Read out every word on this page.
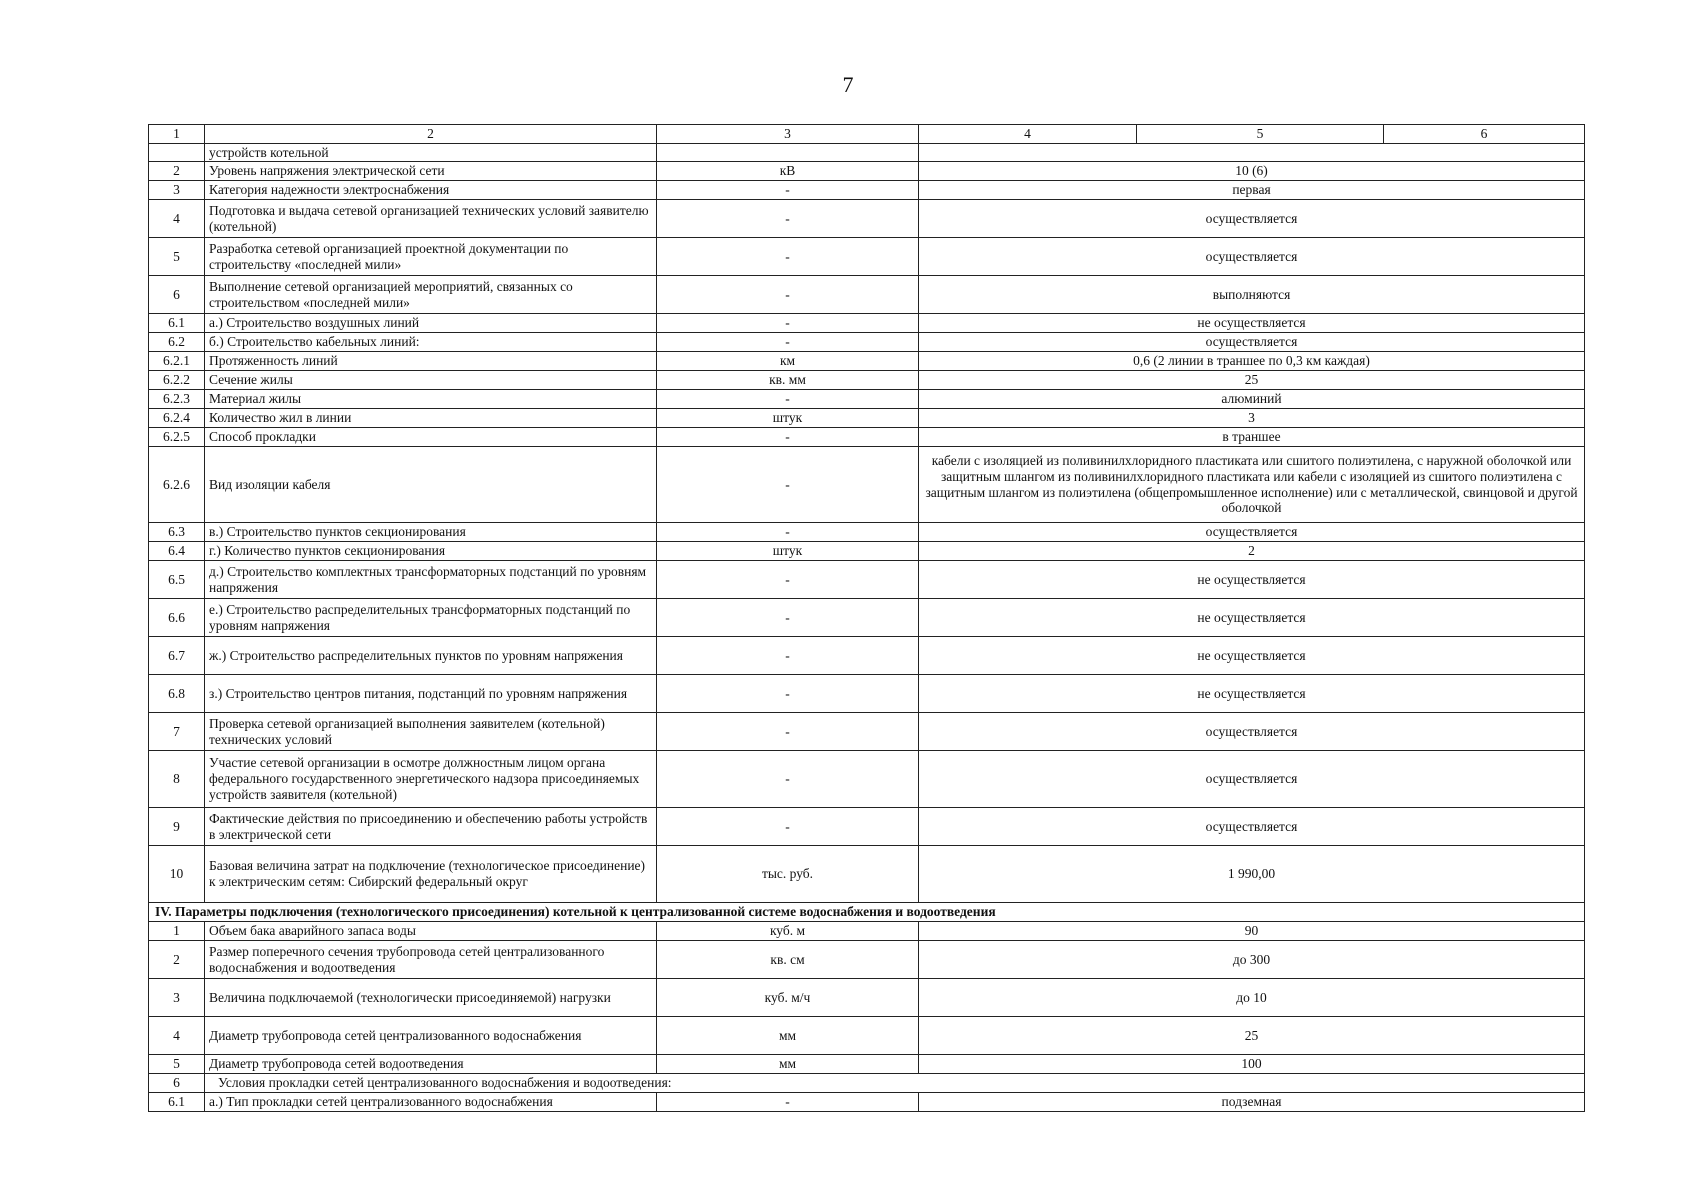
7
1	2	3	4	5	6
	устройств котельной				
2	Уровень напряжения электрической сети	кВ	10 (6)		
3	Категория надежности электроснабжения	-	первая		
4	Подготовка и выдача сетевой организацией технических условий заявителю (котельной)	-	осуществляется		
5	Разработка сетевой организацией проектной документации по строительству «последней мили»	-	осуществляется		
6	Выполнение сетевой организацией мероприятий, связанных со строительством «последней мили»	-	выполняются		
6.1	а.) Строительство воздушных линий	-	не осуществляется		
6.2	б.) Строительство кабельных линий:	-	осуществляется		
6.2.1	Протяженность линий	км	0,6 (2 линии в траншее по 0,3 км каждая)		
6.2.2	Сечение жилы	кв. мм	25		
6.2.3	Материал жилы	-	алюминий		
6.2.4	Количество жил в линии	штук	3		
6.2.5	Способ прокладки	-	в траншее		
6.2.6	Вид изоляции кабеля	-	кабели с изоляцией из поливинилхлоридного пластиката или сшитого полиэтилена, с наружной оболочкой или защитным шлангом из поливинилхлоридного пластиката или кабели с изоляцией из сшитого полиэтилена с защитным шлангом из полиэтилена (общепромышленное исполнение) или с металлической, свинцовой и другой оболочкой		
6.3	в.) Строительство пунктов секционирования	-	осуществляется		
6.4	г.) Количество пунктов секционирования	штук	2		
6.5	д.) Строительство комплектных трансформаторных подстанций по уровням напряжения	-	не осуществляется		
6.6	е.) Строительство распределительных трансформаторных подстанций по уровням напряжения	-	не осуществляется		
6.7	ж.) Строительство распределительных пунктов по уровням напряжения	-	не осуществляется		
6.8	з.) Строительство центров питания, подстанций по уровням напряжения	-	не осуществляется		
7	Проверка сетевой организацией выполнения заявителем (котельной) технических условий	-	осуществляется		
8	Участие сетевой организации в осмотре должностным лицом органа федерального государственного энергетического надзора присоединяемых устройств заявителя (котельной)	-	осуществляется		
9	Фактические действия по присоединению и обеспечению работы устройств в электрической сети	-	осуществляется		
10	Базовая величина затрат на подключение (технологическое присоединение) к электрическим сетям: Сибирский федеральный округ	тыс. руб.	1 990,00		
IV. Параметры подключения (технологического присоединения) котельной к централизованной системе водоснабжения и водоотведения					
1	Объем бака аварийного запаса воды	куб. м	90		
2	Размер поперечного сечения трубопровода сетей централизованного водоснабжения и водоотведения	кв. см	до 300		
3	Величина подключаемой (технологически присоединяемой) нагрузки	куб. м/ч	до 10		
4	Диаметр трубопровода сетей централизованного водоснабжения	мм	25		
5	Диаметр трубопровода сетей водоотведения	мм	100		
6	Условия прокладки сетей централизованного водоснабжения и водоотведения:				
6.1	а.) Тип прокладки сетей централизованного водоснабжения	-	подземная		
